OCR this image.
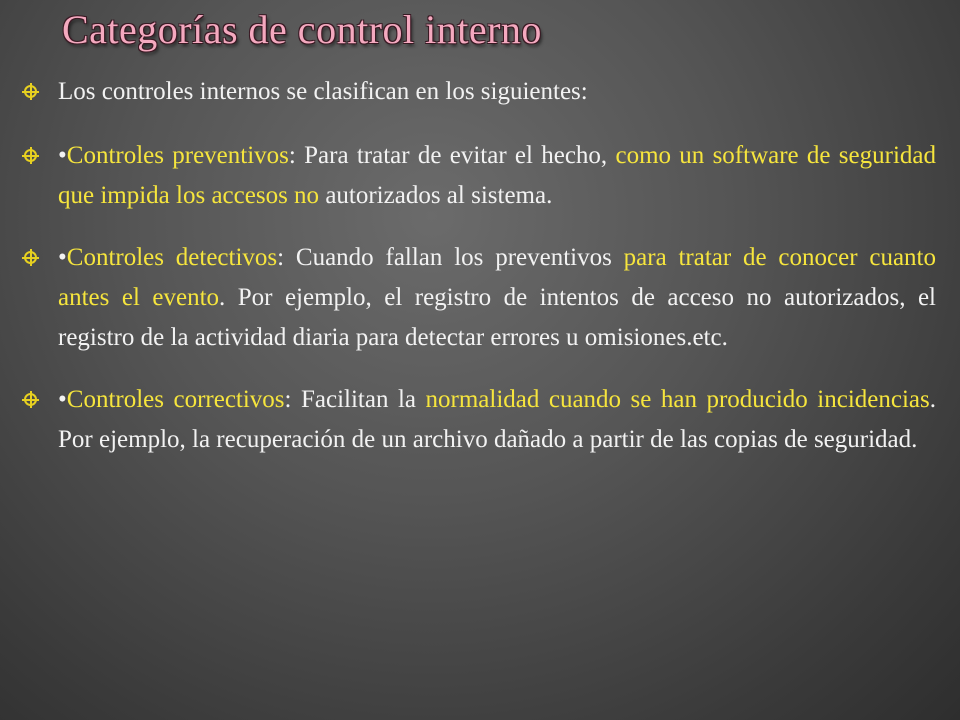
Categorías de control interno
Los controles internos se clasifican en los siguientes:
•Controles preventivos: Para tratar de evitar el hecho, como un software de seguridad que impida los accesos no autorizados al sistema.
•Controles detectivos: Cuando fallan los preventivos para tratar de conocer cuanto antes el evento. Por ejemplo, el registro de intentos de acceso no autorizados, el registro de la actividad diaria para detectar errores u omisiones.etc.
•Controles correctivos: Facilitan la normalidad cuando se han producido incidencias. Por ejemplo, la recuperación de un archivo dañado a partir de las copias de seguridad.
